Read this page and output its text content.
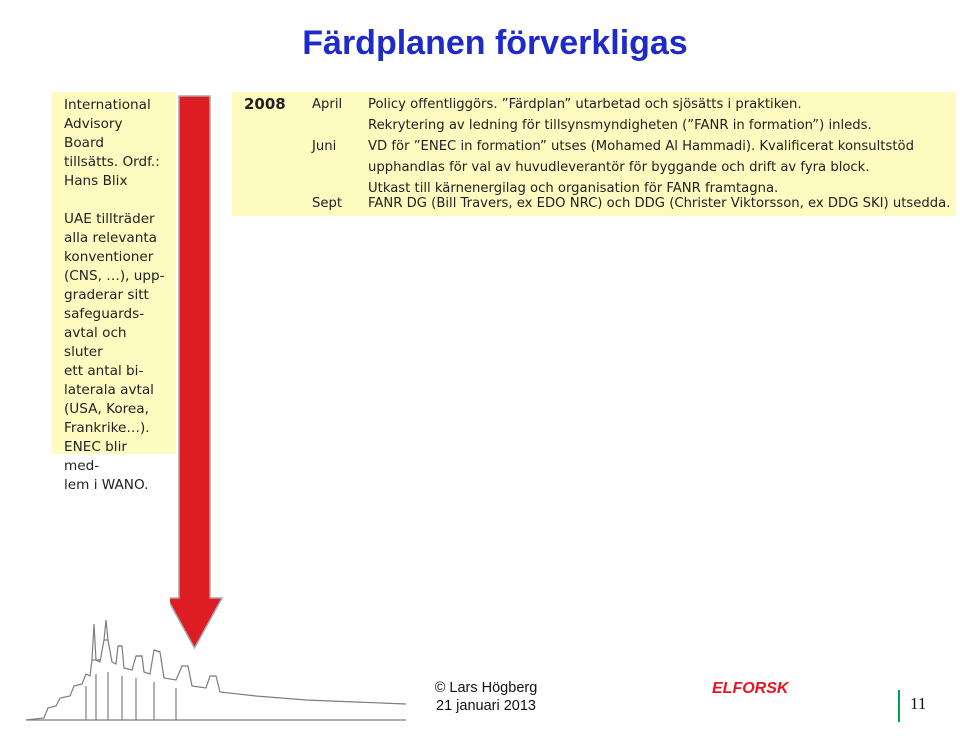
Färdplanen förverkligas

International

Advisory Board

tillsätts. Ordf.:

Hans Blix

UAE tillträder

alla relevanta

konventioner

(CNS, …), upp-

graderar sitt

safeguards-

avtal och sluter

ett antal bi-

laterala avtal

(USA, Korea,

Frankrike…).

ENEC blir med-

lem i WANO.

2008 April Policy offentliggörs. ”Färdplan” utarbetad och sjösätts i praktiken.
Rekrytering av ledning för tillsynsmyndigheten (”FANR in formation”) inleds.
Juni VD för ”ENEC in formation” utses (Mohamed Al Hammadi). Kvalificerat konsultstöd
upphandlas för val av huvudleverantör för byggande och drift av fyra block.
Utkast till kärnenergilag och organisation för FANR framtagna.
Sept FANR DG (Bill Travers, ex EDO NRC) och DDG (Christer Viktorsson, ex DDG SKI) utsedda.
© Lars Högberg
21 januari 2013
ELFORSK
11
